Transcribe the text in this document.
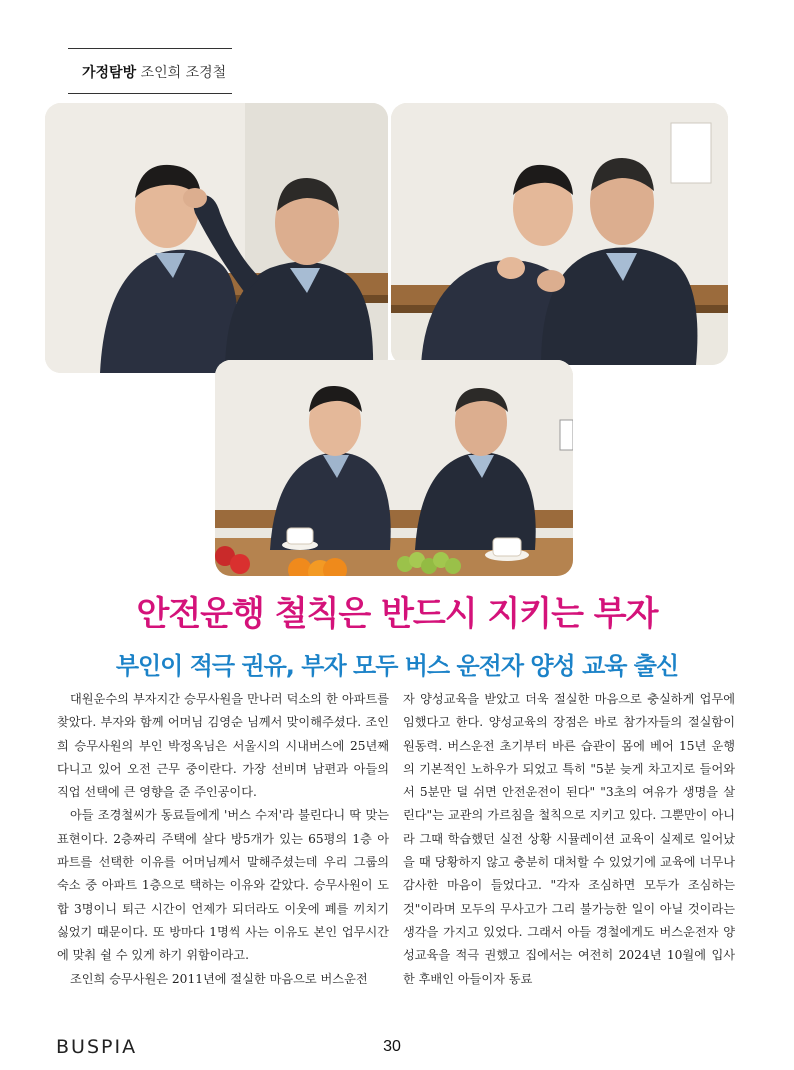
가정탐방 조인희 조경철
안전운행 철칙은 반드시 지키는 부자
부인이 적극 권유, 부자 모두 버스 운전자 양성 교육 출신

대원운수의 부자지간 승무사원을 만나러 덕소의 한 아파트를 찾았다. 부자와 함께 어머님 김영순 님께서 맞이해주셨다. 조인희 승무사원의 부인 박정옥님은 서울시의 시내버스에 25년째 다니고 있어 오전 근무 중이란다. 가장 선비며 남편과 아들의 직업 선택에 큰 영향을 준 주인공이다.

아들 조경철씨가 동료들에게 '버스 수저'라 불린다니 딱 맞는 표현이다. 2층짜리 주택에 살다 방5개가 있는 65평의 1층 아파트를 선택한 이유를 어머님께서 말해주셨는데 우리 그룹의 숙소 중 아파트 1층으로 택하는 이유와 같았다. 승무사원이 도합 3명이니 퇴근 시간이 언제가 되더라도 이웃에 폐를 끼치기 싫었기 때문이다. 또 방마다 1명씩 사는 이유도 본인 업무시간에 맞춰 쉴 수 있게 하기 위함이라고.

조인희 승무사원은 2011년에 절실한 마음으로 버스운전

자 양성교육을 받았고 더욱 절실한 마음으로 충실하게 업무에 임했다고 한다. 양성교육의 장점은 바로 참가자들의 절실함이 원동력. 버스운전 초기부터 바른 습관이 몸에 베어 15년 운행의 기본적인 노하우가 되었고 특히 "5분 늦게 차고지로 들어와서 5분만 덜 쉬면 안전운전이 된다" "3초의 여유가 생명을 살린다"는 교관의 가르침을 철칙으로 지키고 있다. 그뿐만이 아니라 그때 학습했던 실전 상황 시뮬레이션 교육이 실제로 일어났을 때 당황하지 않고 충분히 대처할 수 있었기에 교육에 너무나 감사한 마음이 들었다고. "각자 조심하면 모두가 조심하는 것"이라며 모두의 무사고가 그리 불가능한 일이 아닐 것이라는 생각을 가지고 있었다. 그래서 아들 경철에게도 버스운전자 양성교육을 적극 권했고 집에서는 여전히 2024년 10월에 입사한 후배인 아들이자 동료

BUSPIA	30
